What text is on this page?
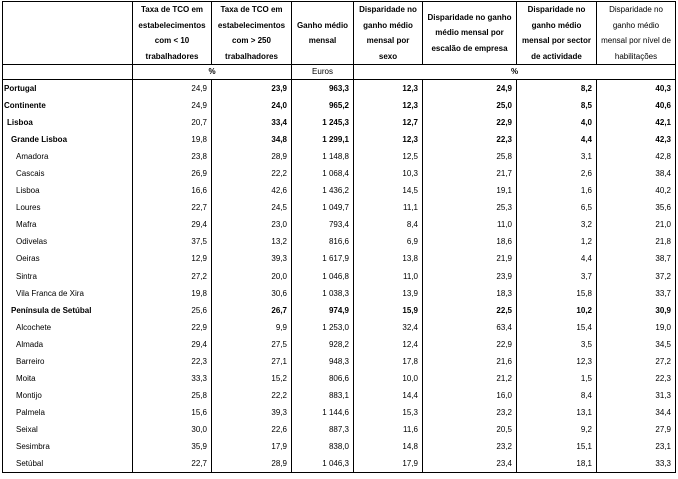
	Taxa de TCO em estabelecimentos com < 10 trabalhadores	Taxa de TCO em estabelecimentos com > 250 trabalhadores	Ganho médio mensal	Disparidade no ganho médio mensal por sexo	Disparidade no ganho médio mensal por escalão de empresa	Disparidade no ganho médio mensal por sector de actividade	Disparidade no ganho médio mensal por nível de habilitações
	%		Euros	%			
Portugal	24,9	23,9	963,3	12,3	24,9	8,2	40,3
Continente	24,9	24,0	965,2	12,3	25,0	8,5	40,6
Lisboa	20,7	33,4	1 245,3	12,7	22,9	4,0	42,1
Grande Lisboa	19,8	34,8	1 299,1	12,3	22,3	4,4	42,3
Amadora	23,8	28,9	1 148,8	12,5	25,8	3,1	42,8
Cascais	26,9	22,2	1 068,4	10,3	21,7	2,6	38,4
Lisboa	16,6	42,6	1 436,2	14,5	19,1	1,6	40,2
Loures	22,7	24,5	1 049,7	11,1	25,3	6,5	35,6
Mafra	29,4	23,0	793,4	8,4	11,0	3,2	21,0
Odivelas	37,5	13,2	816,6	6,9	18,6	1,2	21,8
Oeiras	12,9	39,3	1 617,9	13,8	21,9	4,4	38,7
Sintra	27,2	20,0	1 046,8	11,0	23,9	3,7	37,2
Vila Franca de Xira	19,8	30,6	1 038,3	13,9	18,3	15,8	33,7
Península de Setúbal	25,6	26,7	974,9	15,9	22,5	10,2	30,9
Alcochete	22,9	9,9	1 253,0	32,4	63,4	15,4	19,0
Almada	29,4	27,5	928,2	12,4	22,9	3,5	34,5
Barreiro	22,3	27,1	948,3	17,8	21,6	12,3	27,2
Moita	33,3	15,2	806,6	10,0	21,2	1,5	22,3
Montijo	25,8	22,2	883,1	14,4	16,0	8,4	31,3
Palmela	15,6	39,3	1 144,6	15,3	23,2	13,1	34,4
Seixal	30,0	22,6	887,3	11,6	20,5	9,2	27,9
Sesimbra	35,9	17,9	838,0	14,8	23,2	15,1	23,1
Setúbal	22,7	28,9	1 046,3	17,9	23,4	18,1	33,3
